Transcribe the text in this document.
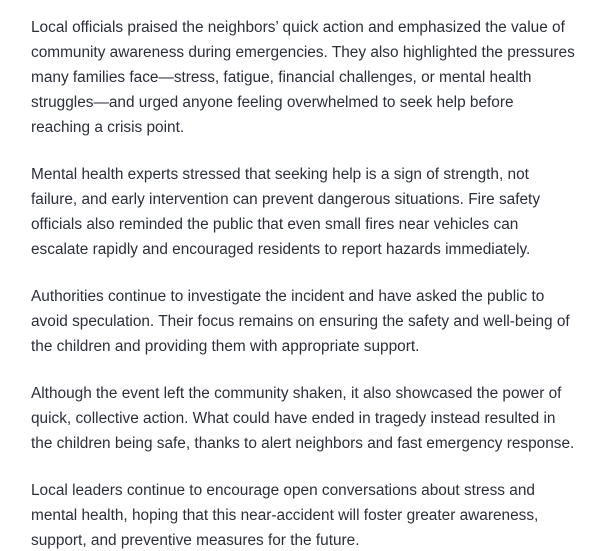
Local officials praised the neighbors’ quick action and emphasized the value of community awareness during emergencies. They also highlighted the pressures many families face—stress, fatigue, financial challenges, or mental health struggles—and urged anyone feeling overwhelmed to seek help before reaching a crisis point.

Mental health experts stressed that seeking help is a sign of strength, not failure, and early intervention can prevent dangerous situations. Fire safety officials also reminded the public that even small fires near vehicles can escalate rapidly and encouraged residents to report hazards immediately.

Authorities continue to investigate the incident and have asked the public to avoid speculation. Their focus remains on ensuring the safety and well-being of the children and providing them with appropriate support.

Although the event left the community shaken, it also showcased the power of quick, collective action. What could have ended in tragedy instead resulted in the children being safe, thanks to alert neighbors and fast emergency response.

Local leaders continue to encourage open conversations about stress and mental health, hoping that this near-accident will foster greater awareness, support, and preventive measures for the future.
